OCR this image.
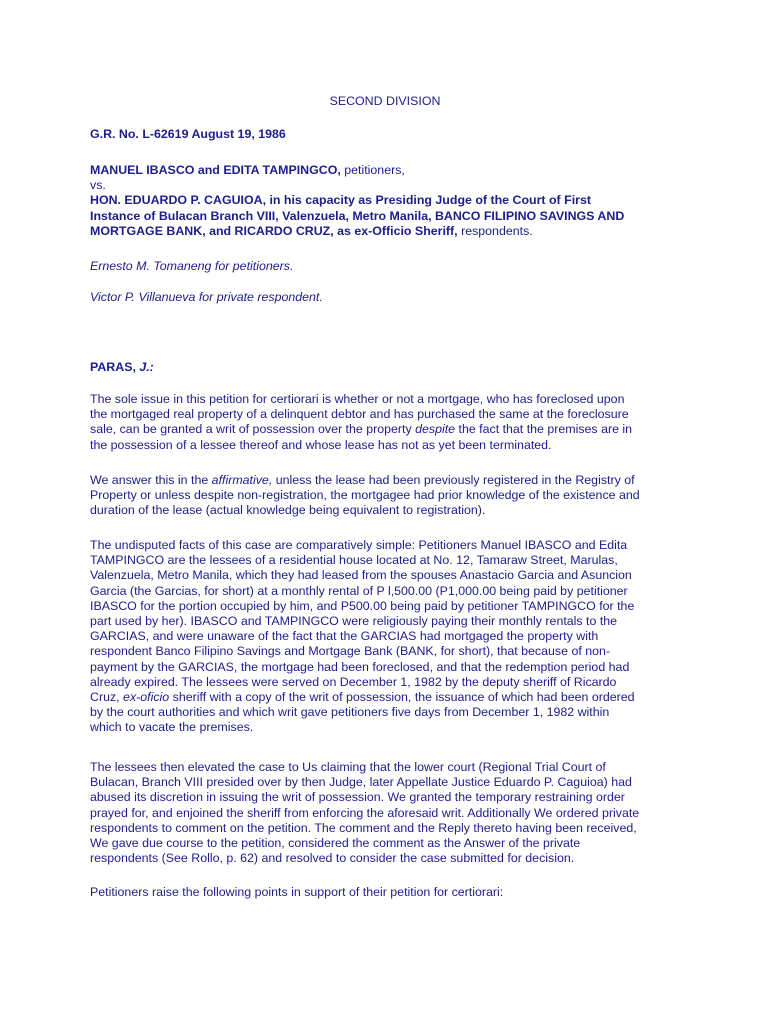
SECOND DIVISION
G.R. No. L-62619 August 19, 1986
MANUEL IBASCO and EDITA TAMPINGCO, petitioners,
vs.
HON. EDUARDO P. CAGUIOA, in his capacity as Presiding Judge of the Court of First
Instance of Bulacan Branch VIII, Valenzuela, Metro Manila, BANCO FILIPINO SAVINGS AND
MORTGAGE BANK, and RICARDO CRUZ, as ex-Officio Sheriff, respondents.
Ernesto M. Tomaneng for petitioners.
Victor P. Villanueva for private respondent.
PARAS, J.:
The sole issue in this petition for certiorari is whether or not a mortgage, who has foreclosed upon
the mortgaged real property of a delinquent debtor and has purchased the same at the foreclosure
sale, can be granted a writ of possession over the property despite the fact that the premises are in
the possession of a lessee thereof and whose lease has not as yet been terminated.
We answer this in the affirmative, unless the lease had been previously registered in the Registry of
Property or unless despite non-registration, the mortgagee had prior knowledge of the existence and
duration of the lease (actual knowledge being equivalent to registration).
The undisputed facts of this case are comparatively simple: Petitioners Manuel IBASCO and Edita
TAMPINGCO are the lessees of a residential house located at No. 12, Tamaraw Street, Marulas,
Valenzuela, Metro Manila, which they had leased from the spouses Anastacio Garcia and Asuncion
Garcia (the Garcias, for short) at a monthly rental of P l,500.00 (P1,000.00 being paid by petitioner
IBASCO for the portion occupied by him, and P500.00 being paid by petitioner TAMPINGCO for the
part used by her). IBASCO and TAMPINGCO were religiously paying their monthly rentals to the
GARCIAS, and were unaware of the fact that the GARCIAS had mortgaged the property with
respondent Banco Filipino Savings and Mortgage Bank (BANK, for short), that because of non-
payment by the GARCIAS, the mortgage had been foreclosed, and that the redemption period had
already expired. The lessees were served on December 1, 1982 by the deputy sheriff of Ricardo
Cruz, ex-oficio sheriff with a copy of the writ of possession, the issuance of which had been ordered
by the court authorities and which writ gave petitioners five days from December 1, 1982 within
which to vacate the premises.
The lessees then elevated the case to Us claiming that the lower court (Regional Trial Court of
Bulacan, Branch VIII presided over by then Judge, later Appellate Justice Eduardo P. Caguioa) had
abused its discretion in issuing the writ of possession. We granted the temporary restraining order
prayed for, and enjoined the sheriff from enforcing the aforesaid writ. Additionally We ordered private
respondents to comment on the petition. The comment and the Reply thereto having been received,
We gave due course to the petition, considered the comment as the Answer of the private
respondents (See Rollo, p. 62) and resolved to consider the case submitted for decision.
Petitioners raise the following points in support of their petition for certiorari:
